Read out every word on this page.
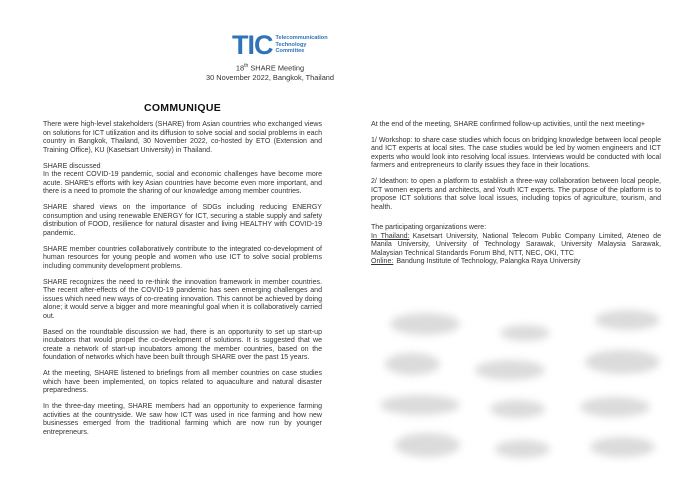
TIC Telecommunication
Technology
Committee
18th SHARE Meeting
30 November 2022, Bangkok, Thailand
COMMUNIQUE

There were high-level stakeholders (SHARE) from Asian countries who exchanged views on solutions for ICT utilization and its diffusion to solve social and social problems in each country in Bangkok, Thailand, 30 November 2022, co-hosted by ETO (Extension and Training Office), KU (Kasetsart University) in Thailand.

SHARE discussed
In the recent COVID-19 pandemic, social and economic challenges have become more acute. SHARE's efforts with key Asian countries have become even more important, and there is a need to promote the sharing of our knowledge among member countries.

SHARE shared views on the importance of SDGs including reducing ENERGY consumption and using renewable ENERGY for ICT, securing a stable supply and safety distribution of FOOD, resilience for natural disaster and living HEALTHY with COVID-19 pandemic.

SHARE member countries collaboratively contribute to the integrated co-development of human resources for young people and women who use ICT to solve social problems including community development problems.

SHARE recognizes the need to re-think the innovation framework in member countries. The recent after-effects of the COVID-19 pandemic has seen emerging challenges and issues which need new ways of co-creating innovation. This cannot be achieved by doing alone; it would serve a bigger and more meaningful goal when it is collaboratively carried out.

Based on the roundtable discussion we had, there is an opportunity to set up start-up incubators that would propel the co-development of solutions. It is suggested that we create a network of start-up incubators among the member countries, based on the foundation of networks which have been built through SHARE over the past 15 years.

At the meeting, SHARE listened to briefings from all member countries on case studies which have been implemented, on topics related to aquaculture and natural disaster preparedness.

In the three-day meeting, SHARE members had an opportunity to experience farming activities at the countryside. We saw how ICT was used in rice farming and how new businesses emerged from the traditional farming which are now run by younger entrepreneurs.

At the end of the meeting, SHARE confirmed follow-up activities, until the next meeting+

1/ Workshop: to share case studies which focus on bridging knowledge between local people and ICT experts at local sites. The case studies would be led by women engineers and ICT experts who would look into resolving local issues. Interviews would be conducted with local farmers and entrepreneurs to clarify issues they face in their locations.

2/ Ideathon: to open a platform to establish a three-way collaboration between local people, ICT women experts and architects, and Youth ICT experts. The purpose of the platform is to propose ICT solutions that solve local issues, including topics of agriculture, tourism, and health.

The participating organizations were:
In Thailand: Kasetsart University, National Telecom Public Company Limited, Ateneo de Manila University, University of Technology Sarawak, University Malaysia Sarawak, Malaysian Technical Standards Forum Bhd, NTT, NEC, OKI, TTC
Online: Bandung Institute of Technology, Palangka Raya University
